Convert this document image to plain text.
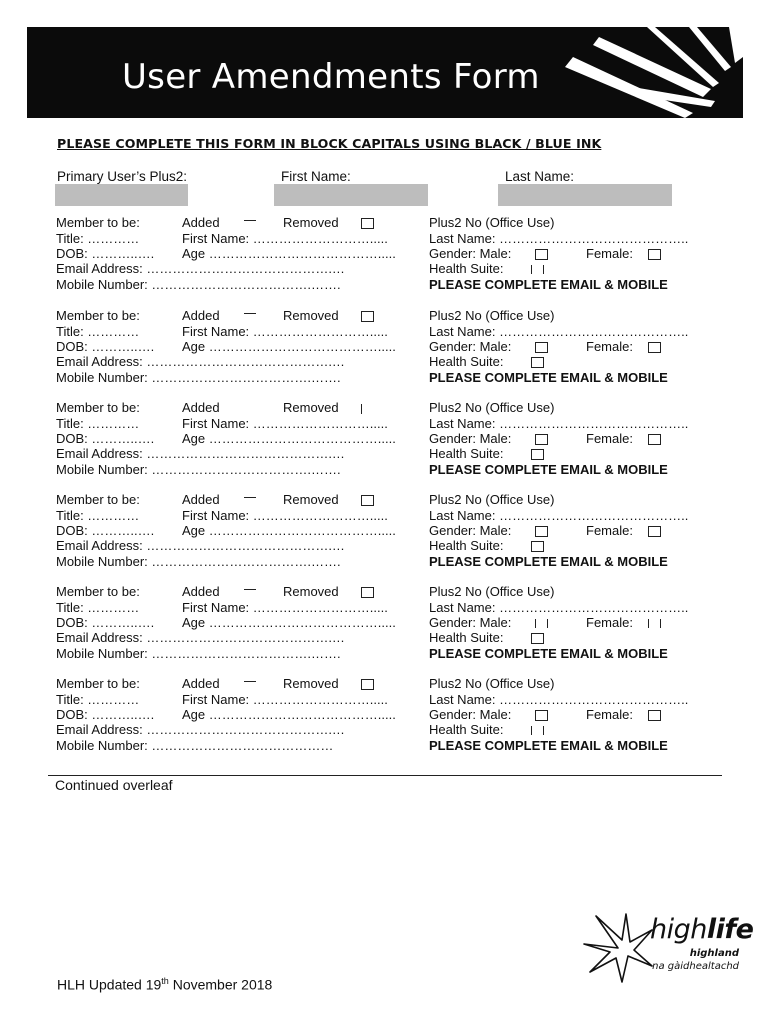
User Amendments Form
PLEASE COMPLETE THIS FORM IN BLOCK CAPITALS USING BLACK / BLUE INK
Primary User’s Plus2:	First Name:	Last Name:
Member to be:	Added	Removed	Plus2 No (Office Use)
Title: …………	First Name: ……………………….....	Last Name: ……………………………………..
DOB: ………..…. Age ………………………………….....	Gender: Male:	Female:
Email Address: …………………………………….…	Health Suite:
Mobile Number: ……………………………….…….	PLEASE COMPLETE EMAIL & MOBILE
Member to be:	Added	Removed	Plus2 No (Office Use)
Title: …………	First Name: ……………………….....	Last Name: ……………………………………..
DOB: ………..…. Age ………………………………….....	Gender: Male:	Female:
Email Address: …………………………………….…	Health Suite:
Mobile Number: ……………………………….…….	PLEASE COMPLETE EMAIL & MOBILE
Member to be:	Added	Removed	Plus2 No (Office Use)
Title: …………	First Name: ……………………….....	Last Name: ……………………………………..
DOB: ………..…. Age ………………………………….....	Gender: Male:	Female:
Email Address: …………………………………….…	Health Suite:
Mobile Number: ……………………………….…….	PLEASE COMPLETE EMAIL & MOBILE
Member to be:	Added	Removed	Plus2 No (Office Use)
Title: …………	First Name: ……………………….....	Last Name: ……………………………………..
DOB: ………..…. Age ………………………………….....	Gender: Male:	Female:
Email Address: …………………………………….…	Health Suite:
Mobile Number: ……………………………….…….	PLEASE COMPLETE EMAIL & MOBILE
Member to be:	Added	Removed	Plus2 No (Office Use)
Title: …………	First Name: ……………………….....	Last Name: ……………………………………..
DOB: ………..…. Age ………………………………….....	Gender: Male:	Female:
Email Address: …………………………………….…	Health Suite:
Mobile Number: ……………………………….…….	PLEASE COMPLETE EMAIL & MOBILE
Member to be:	Added	Removed	Plus2 No (Office Use)
Title: …………	First Name: ……………………….....	Last Name: ……………………………………..
DOB: ………..…. Age ………………………………….....	Gender: Male:	Female:
Email Address: …………………………………….…	Health Suite:
Mobile Number: ……………………………………	PLEASE COMPLETE EMAIL & MOBILE
Continued overleaf
HLH Updated 19th November 2018
highlife
highland
na gàidhealtachd
